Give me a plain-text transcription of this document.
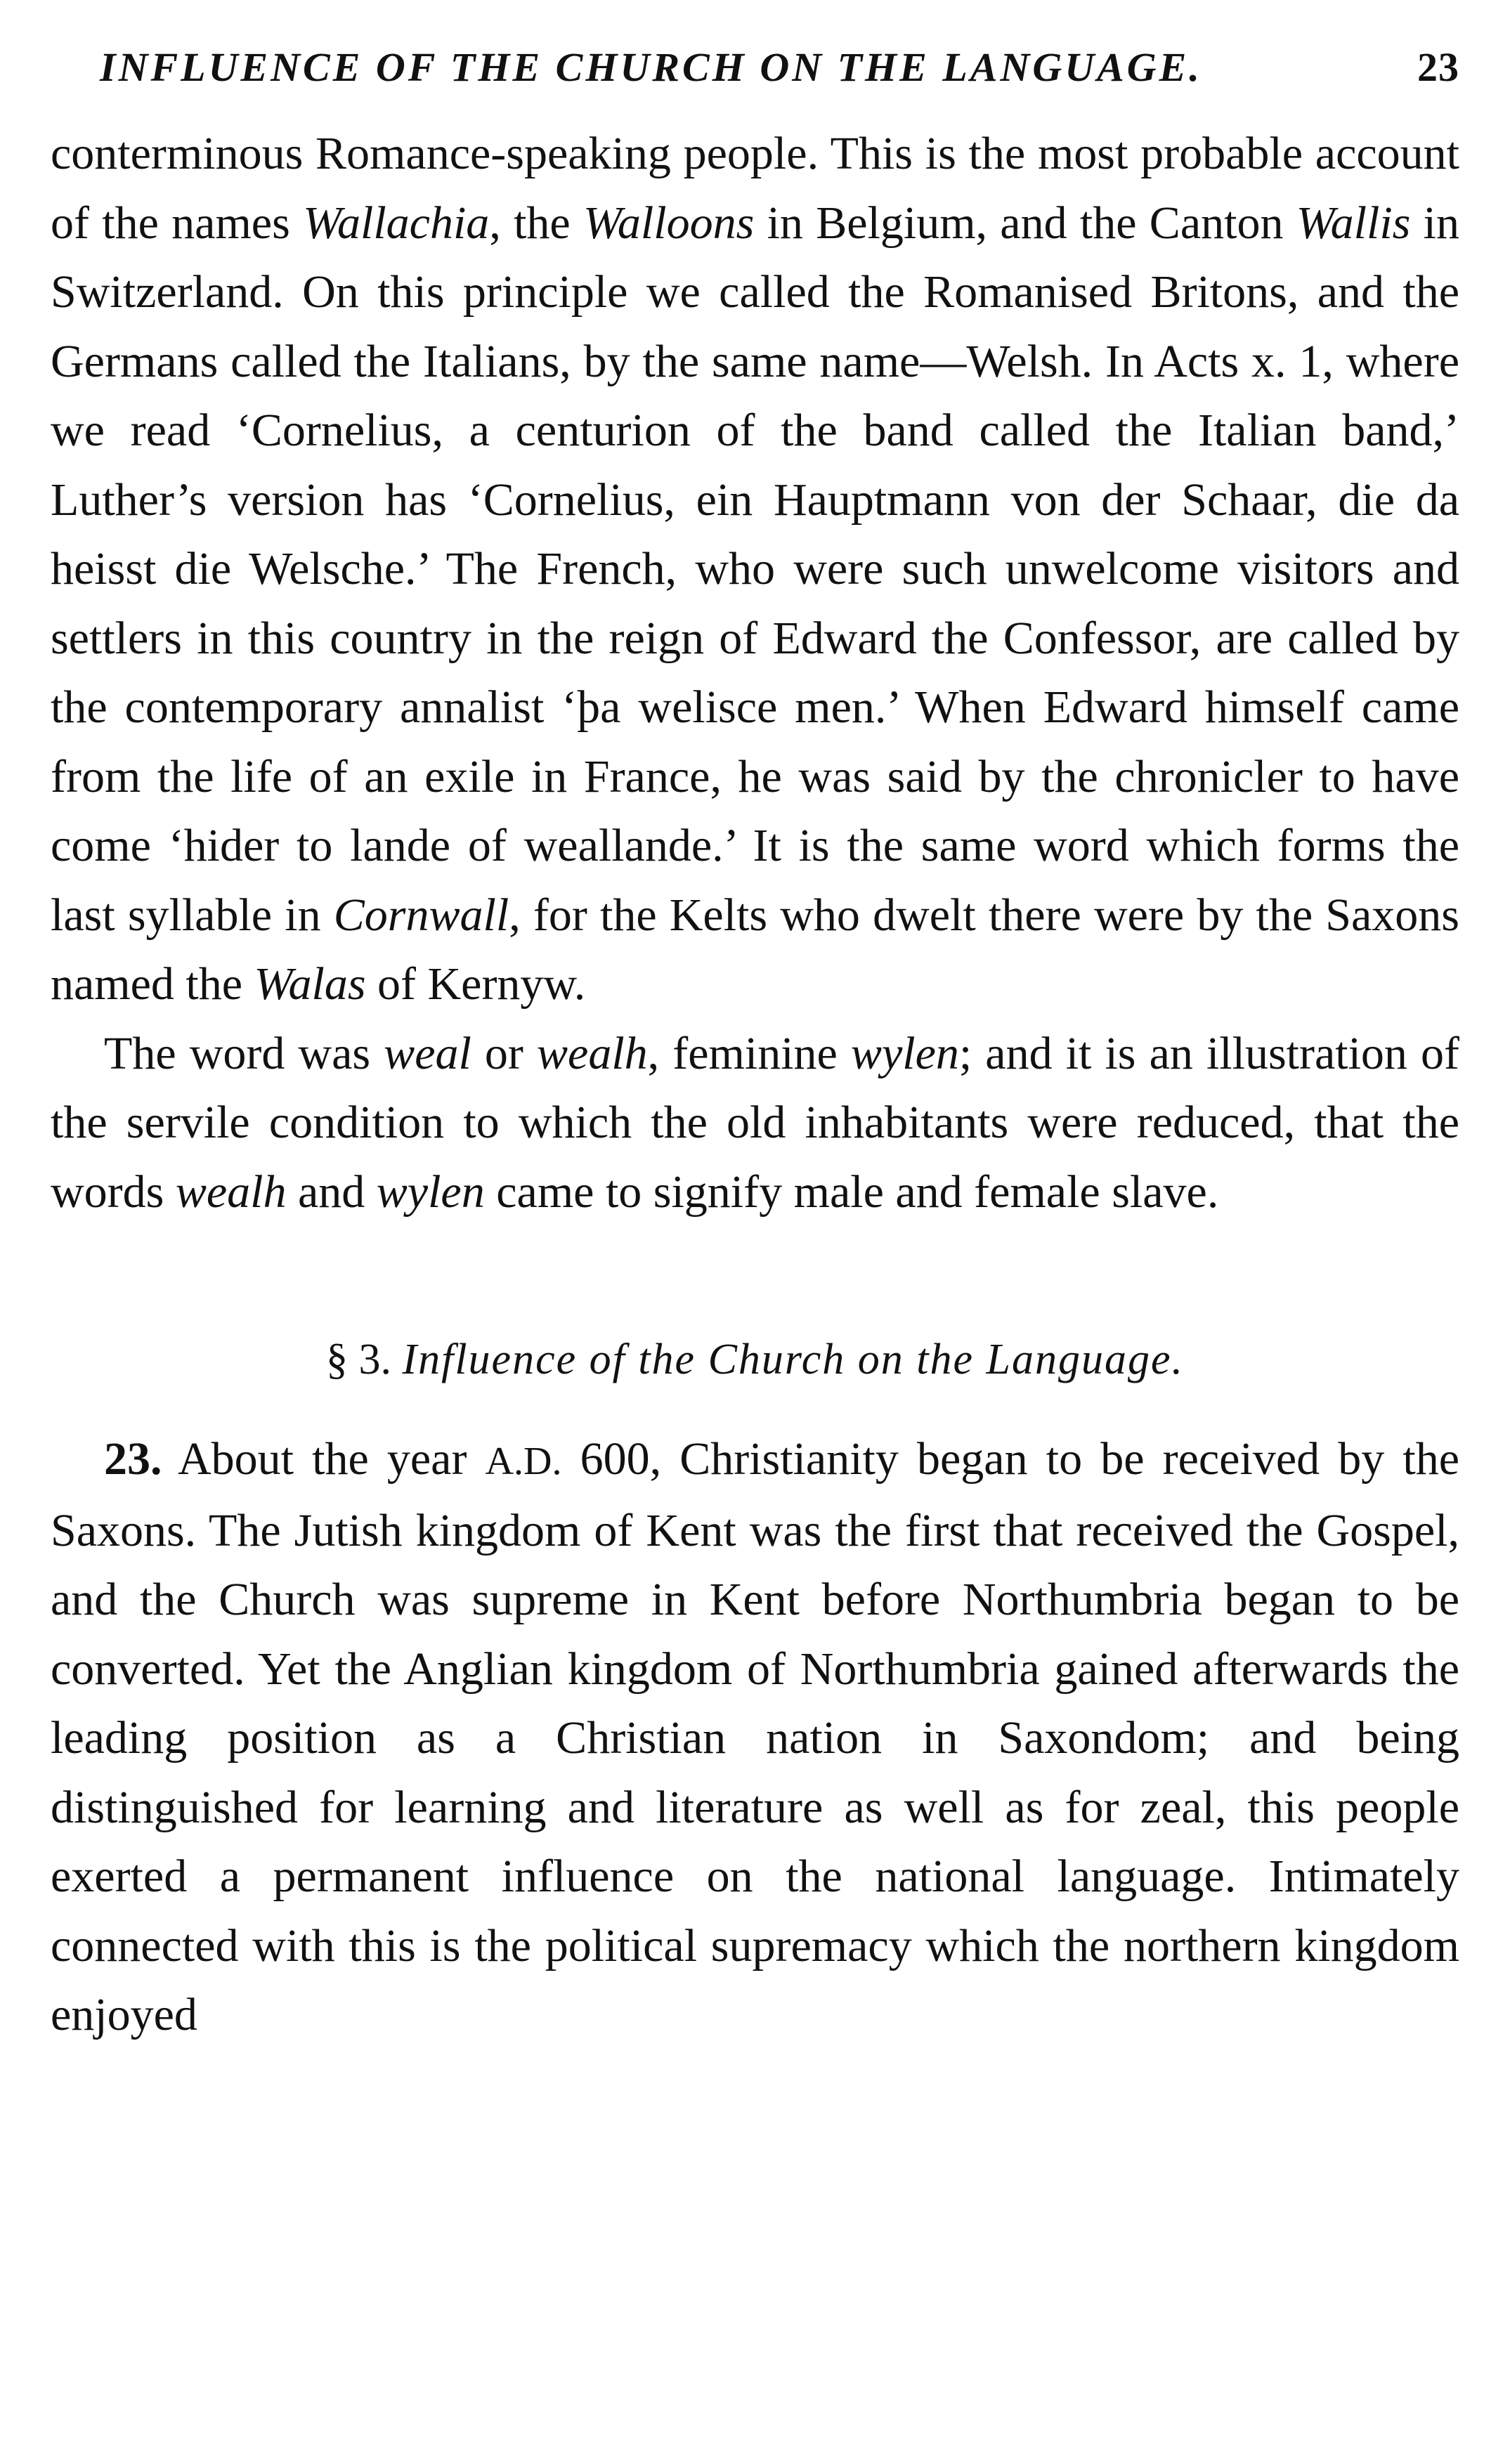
INFLUENCE OF THE CHURCH ON THE LANGUAGE.	23

conterminous Romance-speaking people. This is the most probable account of the names Wallachia, the Walloons in Belgium, and the Canton Wallis in Switzerland. On this principle we called the Romanised Britons, and the Germans called the Italians, by the same name—Welsh. In Acts x. 1, where we read ‘Cornelius, a centurion of the band called the Italian band,’ Luther’s version has ‘Cornelius, ein Hauptmann von der Schaar, die da heisst die Welsche.’ The French, who were such unwelcome visitors and settlers in this country in the reign of Edward the Confessor, are called by the contemporary annalist ‘þa welisce men.’ When Edward himself came from the life of an exile in France, he was said by the chronicler to have come ‘hider to lande of weallande.’ It is the same word which forms the last syllable in Cornwall, for the Kelts who dwelt there were by the Saxons named the Walas of Kernyw.

The word was weal or wealh, feminine wylen; and it is an illustration of the servile condition to which the old inhabitants were reduced, that the words wealh and wylen came to signify male and female slave.

§ 3. Influence of the Church on the Language.

23. About the year A.D. 600, Christianity began to be received by the Saxons. The Jutish kingdom of Kent was the first that received the Gospel, and the Church was supreme in Kent before Northumbria began to be converted. Yet the Anglian kingdom of Northumbria gained afterwards the leading position as a Christian nation in Saxondom; and being distinguished for learning and literature as well as for zeal, this people exerted a permanent influence on the national language. Intimately connected with this is the political supremacy which the northern kingdom enjoyed
